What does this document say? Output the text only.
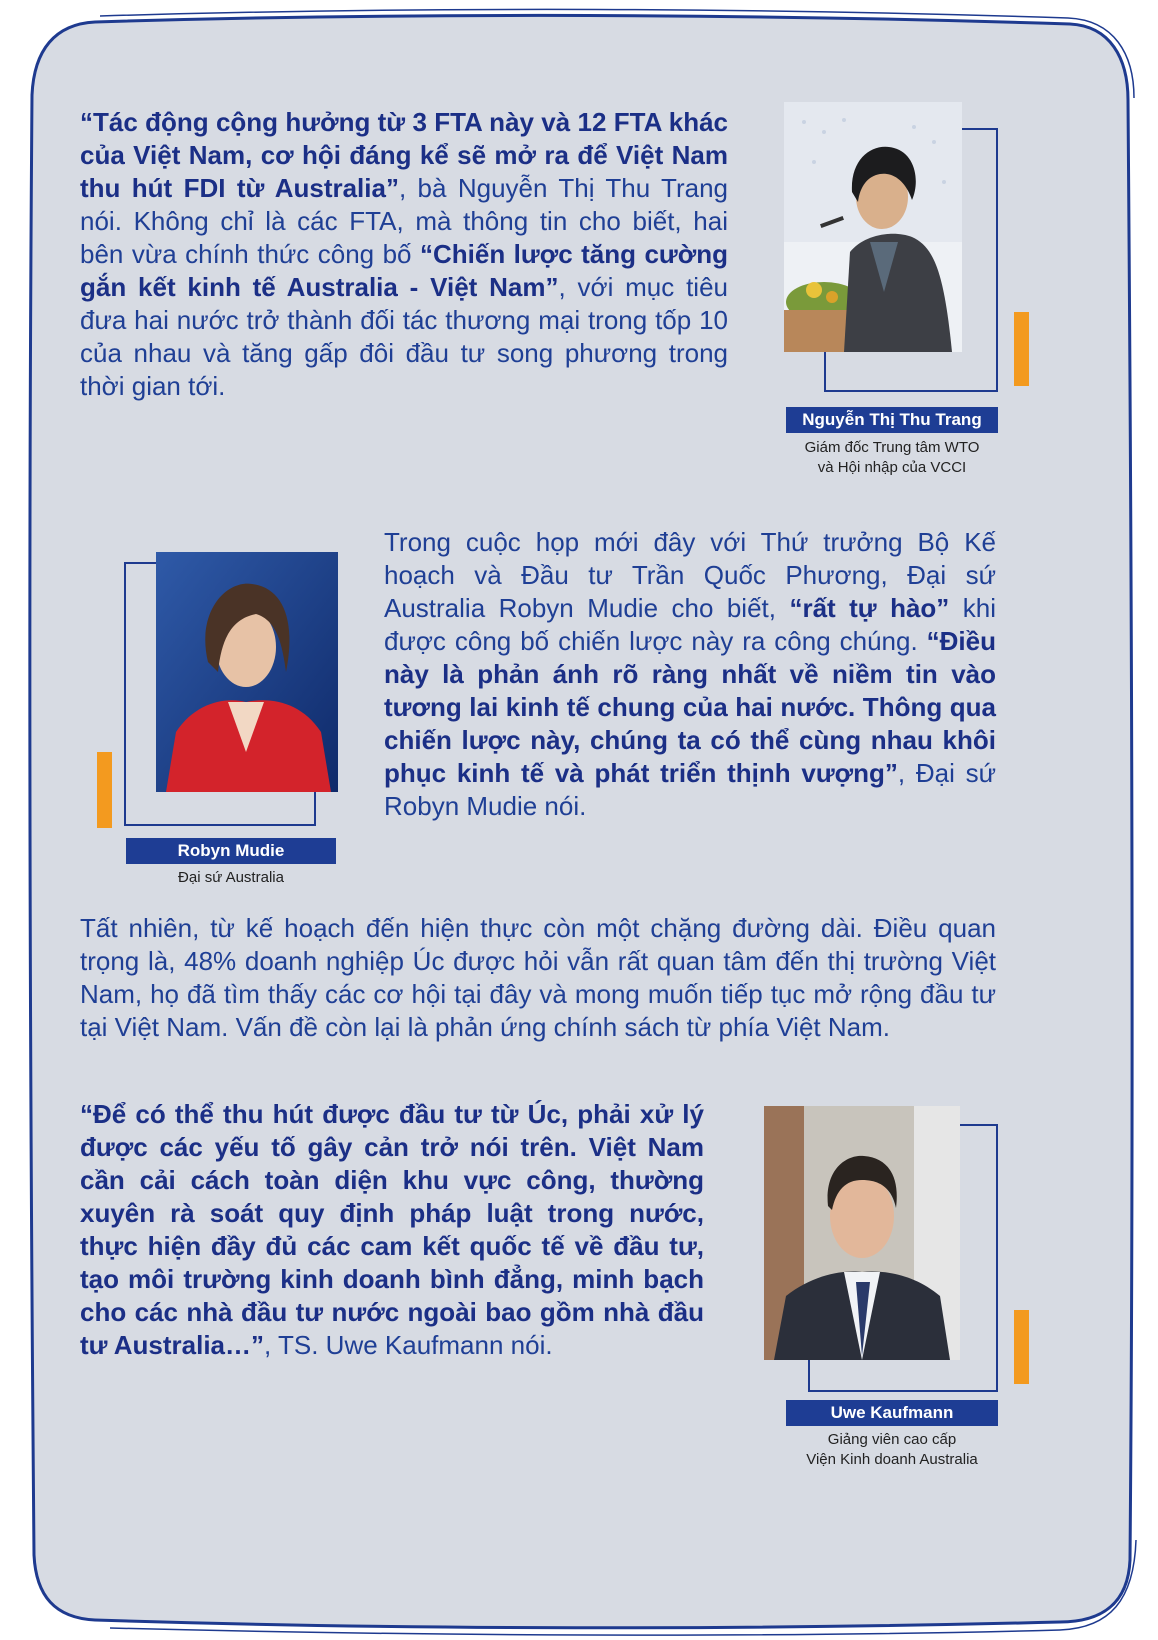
“Tác động cộng hưởng từ 3 FTA này và 12 FTA khác của Việt Nam, cơ hội đáng kể sẽ mở ra để Việt Nam thu hút FDI từ Australia”, bà Nguyễn Thị Thu Trang nói. Không chỉ là các FTA, mà thông tin cho biết, hai bên vừa chính thức công bố “Chiến lược tăng cường gắn kết kinh tế Australia - Việt Nam”, với mục tiêu đưa hai nước trở thành đối tác thương mại trong tốp 10 của nhau và tăng gấp đôi đầu tư song phương trong thời gian tới.

Nguyễn Thị Thu Trang
Giám đốc Trung tâm WTO
và Hội nhập của VCCI
Robyn Mudie
Đại sứ Australia

Trong cuộc họp mới đây với Thứ trưởng Bộ Kế hoạch và Đầu tư Trần Quốc Phương, Đại sứ Australia Robyn Mudie cho biết, “rất tự hào” khi được công bố chiến lược này ra công chúng. “Điều này là phản ánh rõ ràng nhất về niềm tin vào tương lai kinh tế chung của hai nước. Thông qua chiến lược này, chúng ta có thể cùng nhau khôi phục kinh tế và phát triển thịnh vượng”, Đại sứ Robyn Mudie nói.

Tất nhiên, từ kế hoạch đến hiện thực còn một chặng đường dài. Điều quan trọng là, 48% doanh nghiệp Úc được hỏi vẫn rất quan tâm đến thị trường Việt Nam, họ đã tìm thấy các cơ hội tại đây và mong muốn tiếp tục mở rộng đầu tư tại Việt Nam. Vấn đề còn lại là phản ứng chính sách từ phía Việt Nam.

“Để có thể thu hút được đầu tư từ Úc, phải xử lý được các yếu tố gây cản trở nói trên. Việt Nam cần cải cách toàn diện khu vực công, thường xuyên rà soát quy định pháp luật trong nước, thực hiện đầy đủ các cam kết quốc tế về đầu tư, tạo môi trường kinh doanh bình đẳng, minh bạch cho các nhà đầu tư nước ngoài bao gồm nhà đầu tư Australia…”, TS. Uwe Kaufmann nói.

Uwe Kaufmann
Giảng viên cao cấp
Viện Kinh doanh Australia
